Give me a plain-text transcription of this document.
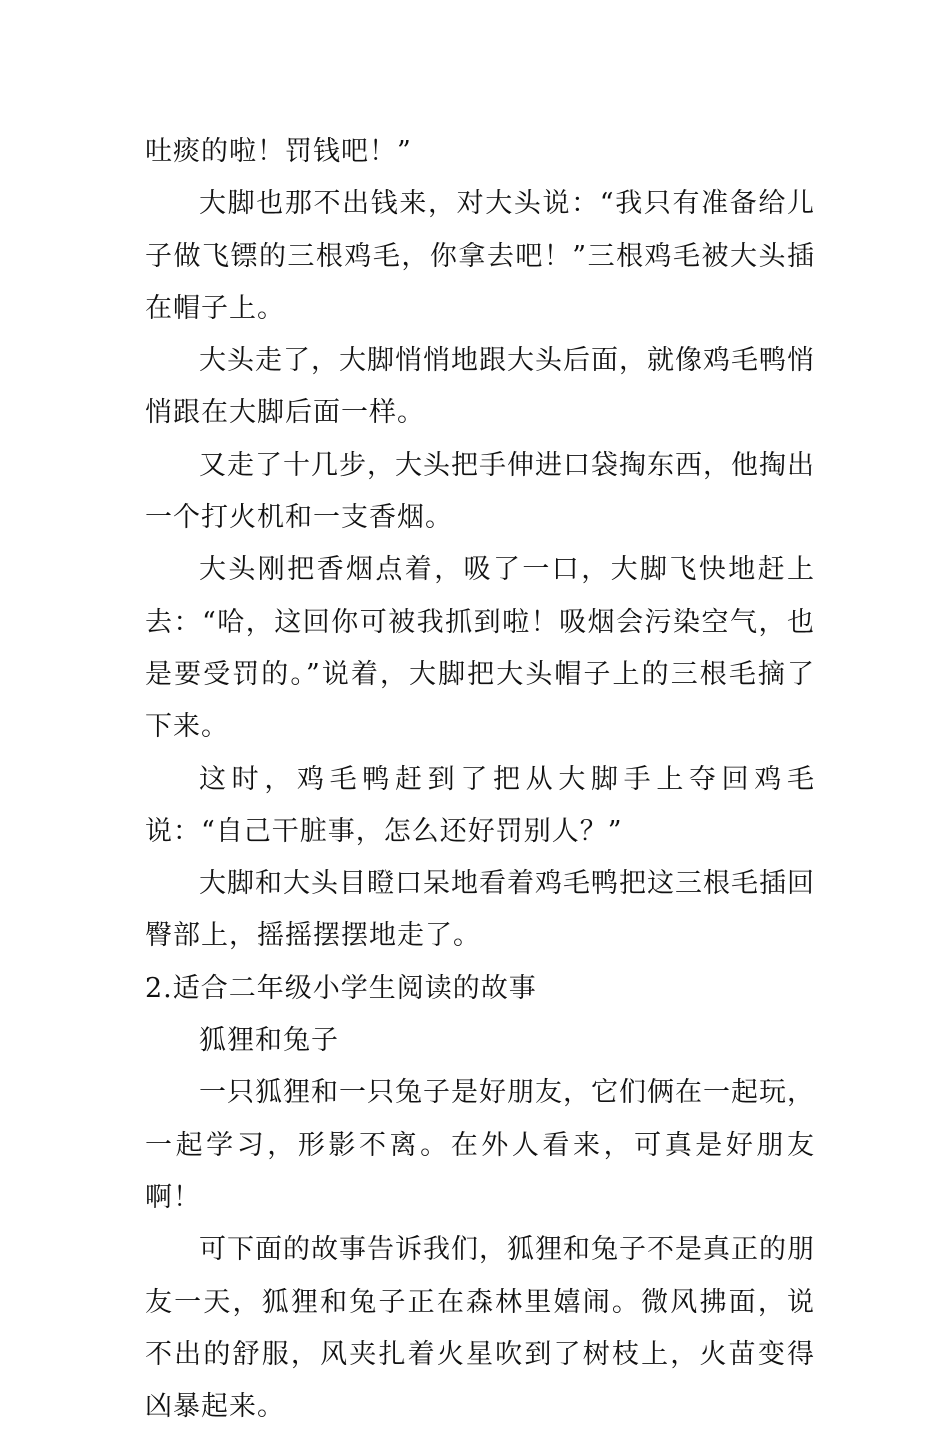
吐痰的啦！罚钱吧！”

大脚也那不出钱来，对大头说：“我只有准备给儿子做飞镖的三根鸡毛，你拿去吧！”三根鸡毛被大头插在帽子上。

大头走了，大脚悄悄地跟大头后面，就像鸡毛鸭悄悄跟在大脚后面一样。

又走了十几步，大头把手伸进口袋掏东西，他掏出一个打火机和一支香烟。

大头刚把香烟点着，吸了一口，大脚飞快地赶上去：“哈，这回你可被我抓到啦！吸烟会污染空气，也是要受罚的。”说着，大脚把大头帽子上的三根毛摘了下来。

这时，鸡毛鸭赶到了把从大脚手上夺回鸡毛说：“自己干脏事，怎么还好罚别人？”

大脚和大头目瞪口呆地看着鸡毛鸭把这三根毛插回臀部上，摇摇摆摆地走了。

2.适合二年级小学生阅读的故事

狐狸和兔子

一只狐狸和一只兔子是好朋友，它们俩在一起玩，一起学习，形影不离。在外人看来，可真是好朋友啊！

可下面的故事告诉我们，狐狸和兔子不是真正的朋友一天，狐狸和兔子正在森林里嬉闹。微风拂面，说不出的舒服，风夹扎着火星吹到了树枝上，火苗变得凶暴起来。
